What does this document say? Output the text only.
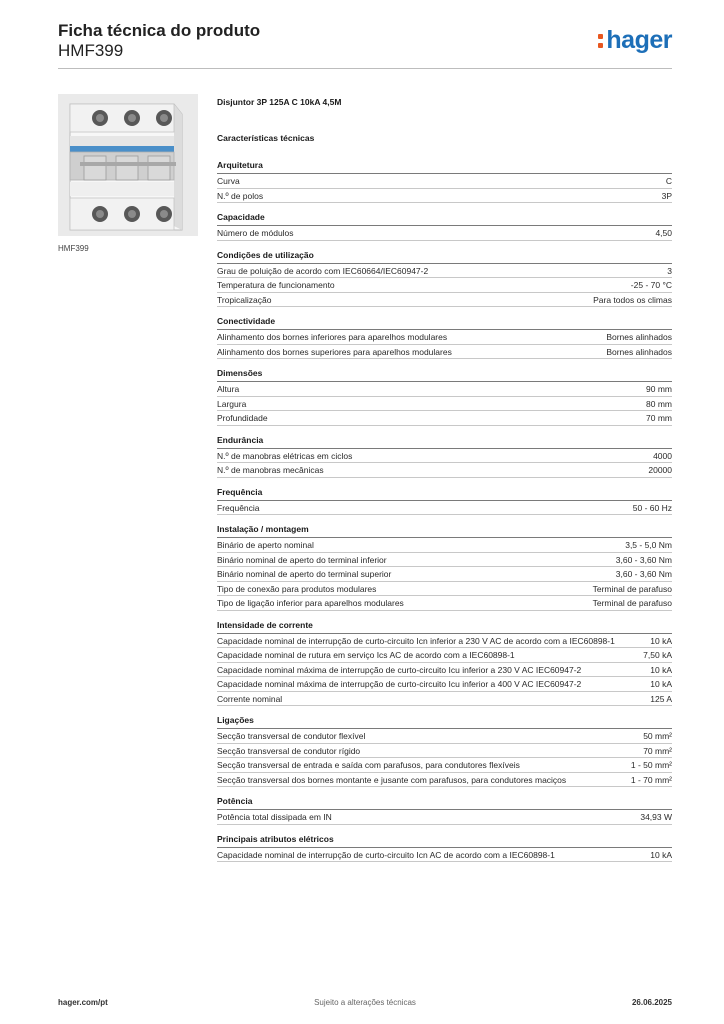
Ficha técnica do produto
HMF399	hager
HMF399
Disjuntor 3P 125A C 10kA 4,5M
Características técnicas
Arquitetura
Curva	C
N.º de polos	3P
Capacidade
Número de módulos	4,50
Condições de utilização
Grau de poluição de acordo com IEC60664/IEC60947-2	3
Temperatura de funcionamento	-25 - 70 °C
Tropicalização	Para todos os climas
Conectividade
Alinhamento dos bornes inferiores para aparelhos modulares	Bornes alinhados
Alinhamento dos bornes superiores para aparelhos modulares	Bornes alinhados
Dimensões
Altura	90 mm
Largura	80 mm
Profundidade	70 mm
Endurância
N.º de manobras elétricas em ciclos	4000
N.º de manobras mecânicas	20000
Frequência
Frequência	50 - 60 Hz
Instalação / montagem
Binário de aperto nominal	3,5 - 5,0 Nm
Binário nominal de aperto do terminal inferior	3,60 - 3,60 Nm
Binário nominal de aperto do terminal superior	3,60 - 3,60 Nm
Tipo de conexão para produtos modulares	Terminal de parafuso
Tipo de ligação inferior para aparelhos modulares	Terminal de parafuso
Intensidade de corrente
Capacidade nominal de interrupção de curto-circuito Icn inferior a 230 V AC de acordo com a IEC60898-1	10 kA
Capacidade nominal de rutura em serviço Ics AC de acordo com a IEC60898-1	7,50 kA
Capacidade nominal máxima de interrupção de curto-circuito Icu inferior a 230 V AC IEC60947-2	10 kA
Capacidade nominal máxima de interrupção de curto-circuito Icu inferior a 400 V AC IEC60947-2	10 kA
Corrente nominal	125 A
Ligações
Secção transversal de condutor flexível	50 mm²
Secção transversal de condutor rígido	70 mm²
Secção transversal de entrada e saída com parafusos, para condutores flexíveis	1 - 50 mm²
Secção transversal dos bornes montante e jusante com parafusos, para condutores maciços	1 - 70 mm²
Potência
Potência total dissipada em IN	34,93 W
Principais atributos elétricos
Capacidade nominal de interrupção de curto-circuito Icn AC de acordo com a IEC60898-1	10 kA
Sujeito a alterações técnicas
hager.com/pt	26.06.2025
